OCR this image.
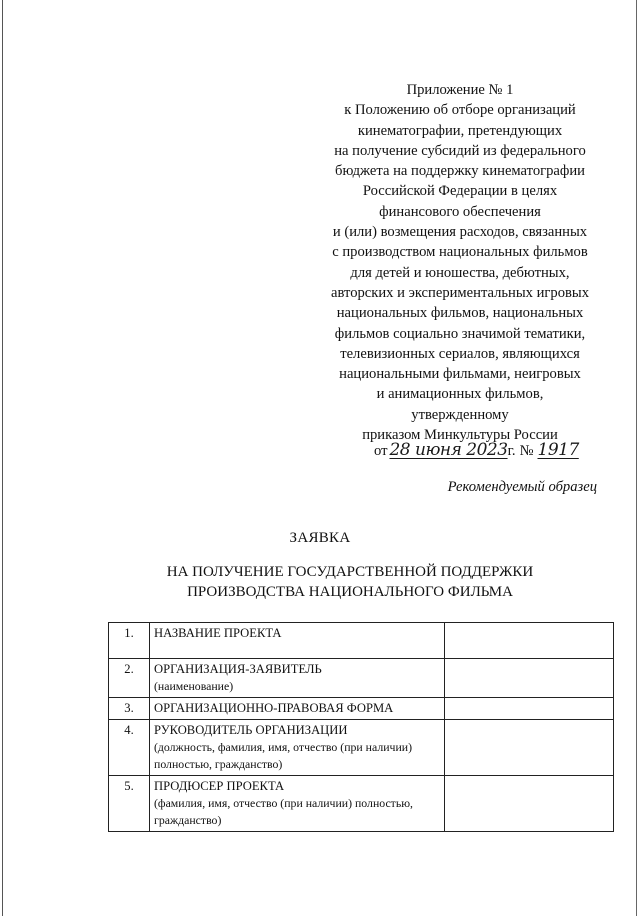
Приложение № 1
к Положению об отборе организаций
кинематографии, претендующих
на получение субсидий из федерального
бюджета на поддержку кинематографии
Российской Федерации в целях
финансового обеспечения
и (или) возмещения расходов, связанных
с производством национальных фильмов
для детей и юношества, дебютных,
авторских и экспериментальных игровых
национальных фильмов, национальных
фильмов социально значимой тематики,
телевизионных сериалов, являющихся
национальными фильмами, неигровых
и анимационных фильмов,
утвержденному
приказом Минкультуры России
от 28 июня 2023г. № 1917
Рекомендуемый образец
ЗАЯВКА
НА ПОЛУЧЕНИЕ ГОСУДАРСТВЕННОЙ ПОДДЕРЖКИ
ПРОИЗВОДСТВА НАЦИОНАЛЬНОГО ФИЛЬМА
1.	НАЗВАНИЕ ПРОЕКТА	

2.	ОРГАНИЗАЦИЯ-ЗАЯВИТЕЛЬ
(наименование)	

3.	ОРГАНИЗАЦИОННО-ПРАВОВАЯ ФОРМА	

4.	РУКОВОДИТЕЛЬ ОРГАНИЗАЦИИ
(должность, фамилия, имя, отчество (при наличии) полностью, гражданство)	

5.	ПРОДЮСЕР ПРОЕКТА
(фамилия, имя, отчество (при наличии) полностью, гражданство)	
